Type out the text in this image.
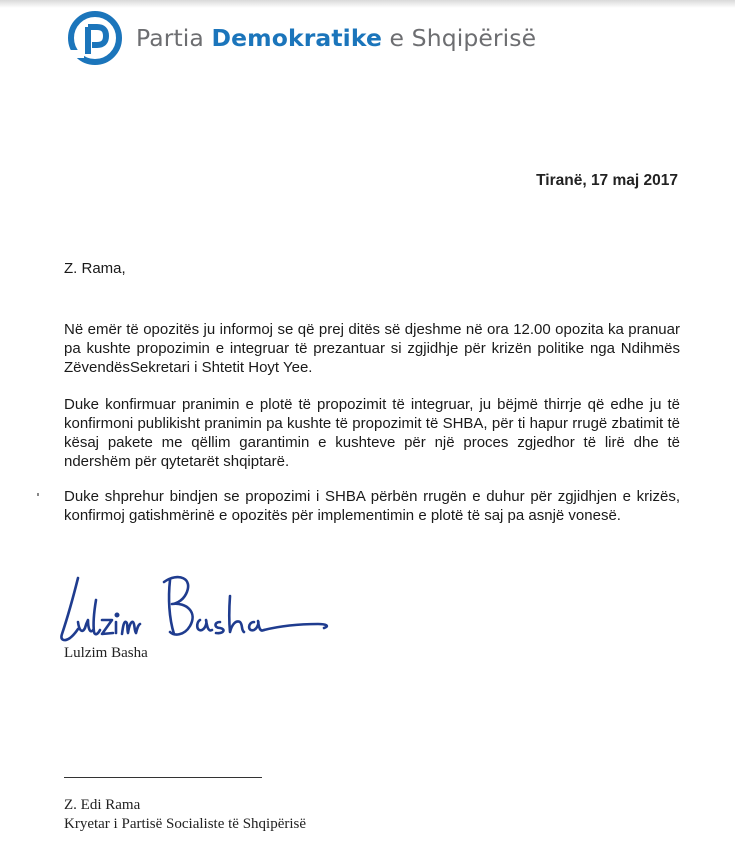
Partia Demokratike e Shqipërisë
Tiranë, 17 maj 2017
Z. Rama,
Në emër të opozitës ju informoj se që prej ditës së djeshme në ora 12.00 opozita ka pranuar pa kushte propozimin e integruar të prezantuar si zgjidhje për krizën politike nga Ndihmës ZëvendësSekretari i Shtetit Hoyt Yee.
Duke konfirmuar pranimin e plotë të propozimit të integruar, ju bëjmë thirrje që edhe ju të konfirmoni publikisht pranimin pa kushte të propozimit të SHBA, për ti hapur rrugë zbatimit të kësaj pakete me qëllim garantimin e kushteve për një proces zgjedhor të lirë dhe të ndershëm për qytetarët shqiptarë.
Duke shprehur bindjen se propozimi i SHBA përbën rrugën e duhur për zgjidhjen e krizës, konfirmoj gatishmërinë e opozitës për implementimin e plotë të saj pa asnjë vonesë.
Lulzim Basha
Z. Edi Rama
Kryetar i Partisë Socialiste të Shqipërisë
